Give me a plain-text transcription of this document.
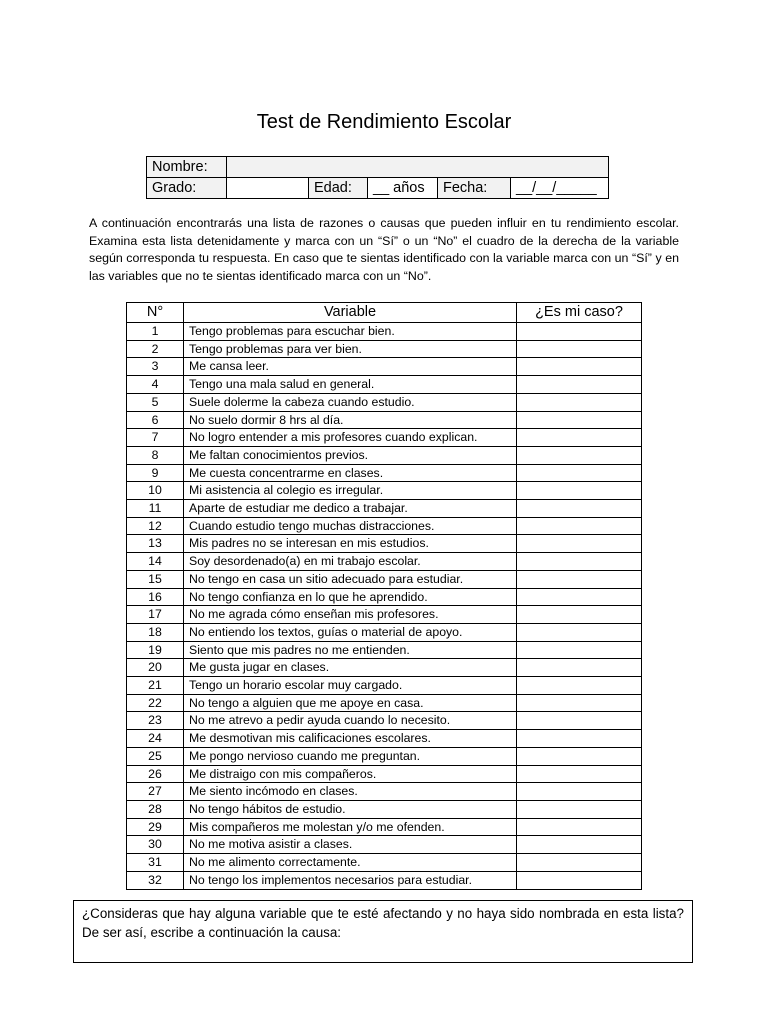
Test de Rendimiento Escolar
Nombre:					
Grado:		Edad:	__ años	Fecha:	__/__/_____
A continuación encontrarás una lista de razones o causas que pueden influir en tu rendimiento escolar. Examina esta lista detenidamente y marca con un “Sí” o un “No” el cuadro de la derecha de la variable según corresponda tu respuesta. En caso que te sientas identificado con la variable marca con un “Sí” y en las variables que no te sientas identificado marca con un “No”.
N°	Variable	¿Es mi caso?
1	Tengo problemas para escuchar bien.	
2	Tengo problemas para ver bien.	
3	Me cansa leer.	
4	Tengo una mala salud en general.	
5	Suele dolerme la cabeza cuando estudio.	
6	No suelo dormir 8 hrs al día.	
7	No logro entender a mis profesores cuando explican.	
8	Me faltan conocimientos previos.	
9	Me cuesta concentrarme en clases.	
10	Mi asistencia al colegio es irregular.	
11	Aparte de estudiar me dedico a trabajar.	
12	Cuando estudio tengo muchas distracciones.	
13	Mis padres no se interesan en mis estudios.	
14	Soy desordenado(a) en mi trabajo escolar.	
15	No tengo en casa un sitio adecuado para estudiar.	
16	No tengo confianza en lo que he aprendido.	
17	No me agrada cómo enseñan mis profesores.	
18	No entiendo los textos, guías o material de apoyo.	
19	Siento que mis padres no me entienden.	
20	Me gusta jugar en clases.	
21	Tengo un horario escolar muy cargado.	
22	No tengo a alguien que me apoye en casa.	
23	No me atrevo a pedir ayuda cuando lo necesito.	
24	Me desmotivan mis calificaciones escolares.	
25	Me pongo nervioso cuando me preguntan.	
26	Me distraigo con mis compañeros.	
27	Me siento incómodo en clases.	
28	No tengo hábitos de estudio.	
29	Mis compañeros me molestan y/o me ofenden.	
30	No me motiva asistir a clases.	
31	No me alimento correctamente.	
32	No tengo los implementos necesarios para estudiar.	
¿Consideras que hay alguna variable que te esté afectando y no haya sido nombrada en esta lista? De ser así, escribe a continuación la causa:
